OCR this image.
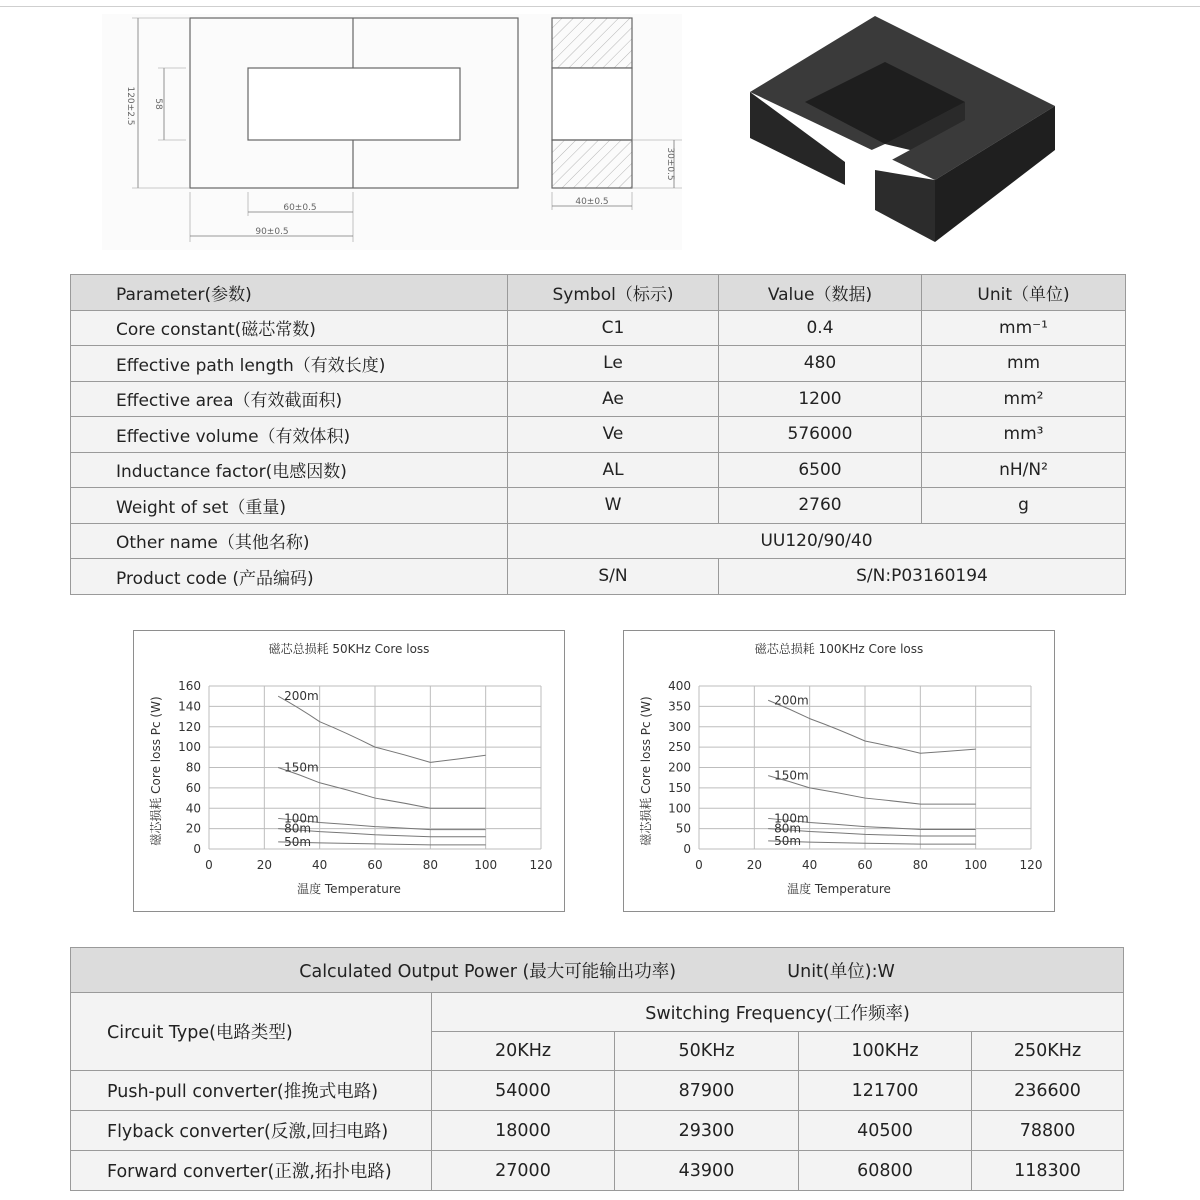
120±2.5 58
60±0.5
90±0.5
30±0.5
40±0.5
Parameter(参数)	Symbol（标示)	Value（数据)	Unit（单位)
Core constant(磁芯常数)	C1	0.4	mm⁻¹
Effective path length（有效长度)	Le	480	mm
Effective area（有效截面积)	Ae	1200	mm²
Effective volume（有效体积)	Ve	576000	mm³
Inductance factor(电感因数)	AL	6500	nH/N²
Weight of set（重量)	W	2760	g
Other name（其他名称)	UU120/90/40		
Product code (产品编码)	S/N	S/N:P03160194	
磁芯总损耗 50KHz Core loss
0	20	40	60	80	100	120
0
20
40
60
80
100
120
140
160
温度 Temperature
磁芯损耗 Core loss Pc (W)
200m
150m
100m
80m
50m
磁芯总损耗 100KHz Core loss
0	20	40	60	80	100	120
0
50
100
150
200
250
300
350
400
温度 Temperature
磁芯损耗 Core loss Pc (W)	200m
150m
100m
80m
50m
Calculated Output Power (最大可能输出功率) Unit(单位):W				
Circuit Type(电路类型)	Switching Frequency(工作频率)			
	20KHz	50KHz	100KHz	250KHz
Push-pull converter(推挽式电路)	54000	87900	121700	236600
Flyback converter(反激,回扫电路)	18000	29300	40500	78800
Forward converter(正激,拓扑电路)	27000	43900	60800	118300
